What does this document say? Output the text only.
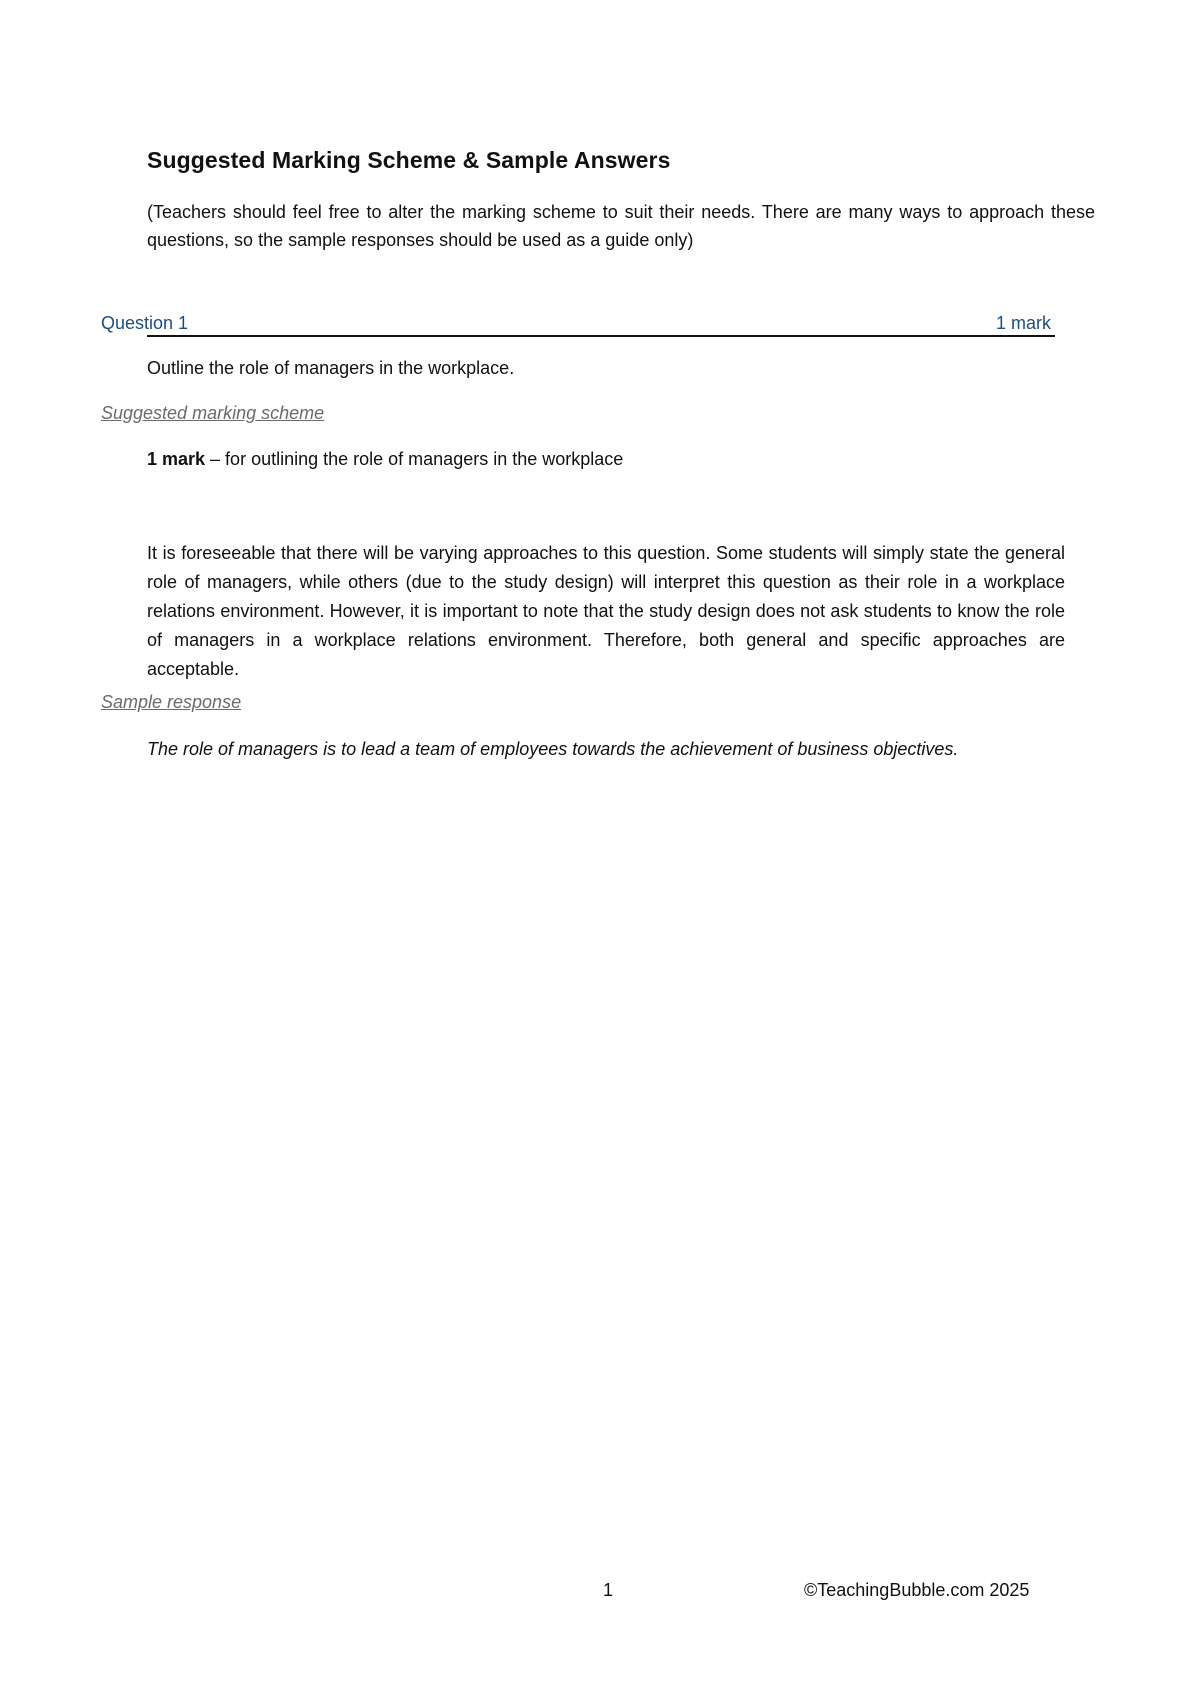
Suggested Marking Scheme & Sample Answers
(Teachers should feel free to alter the marking scheme to suit their needs. There are many ways to approach these questions, so the sample responses should be used as a guide only)
Question 1	1 mark
Outline the role of managers in the workplace.
Suggested marking scheme
1 mark – for outlining the role of managers in the workplace
It is foreseeable that there will be varying approaches to this question. Some students will simply state the general role of managers, while others (due to the study design) will interpret this question as their role in a workplace relations environment. However, it is important to note that the study design does not ask students to know the role of managers in a workplace relations environment. Therefore, both general and specific approaches are acceptable.
Sample response
The role of managers is to lead a team of employees towards the achievement of business objectives.
1	©TeachingBubble.com 2025
